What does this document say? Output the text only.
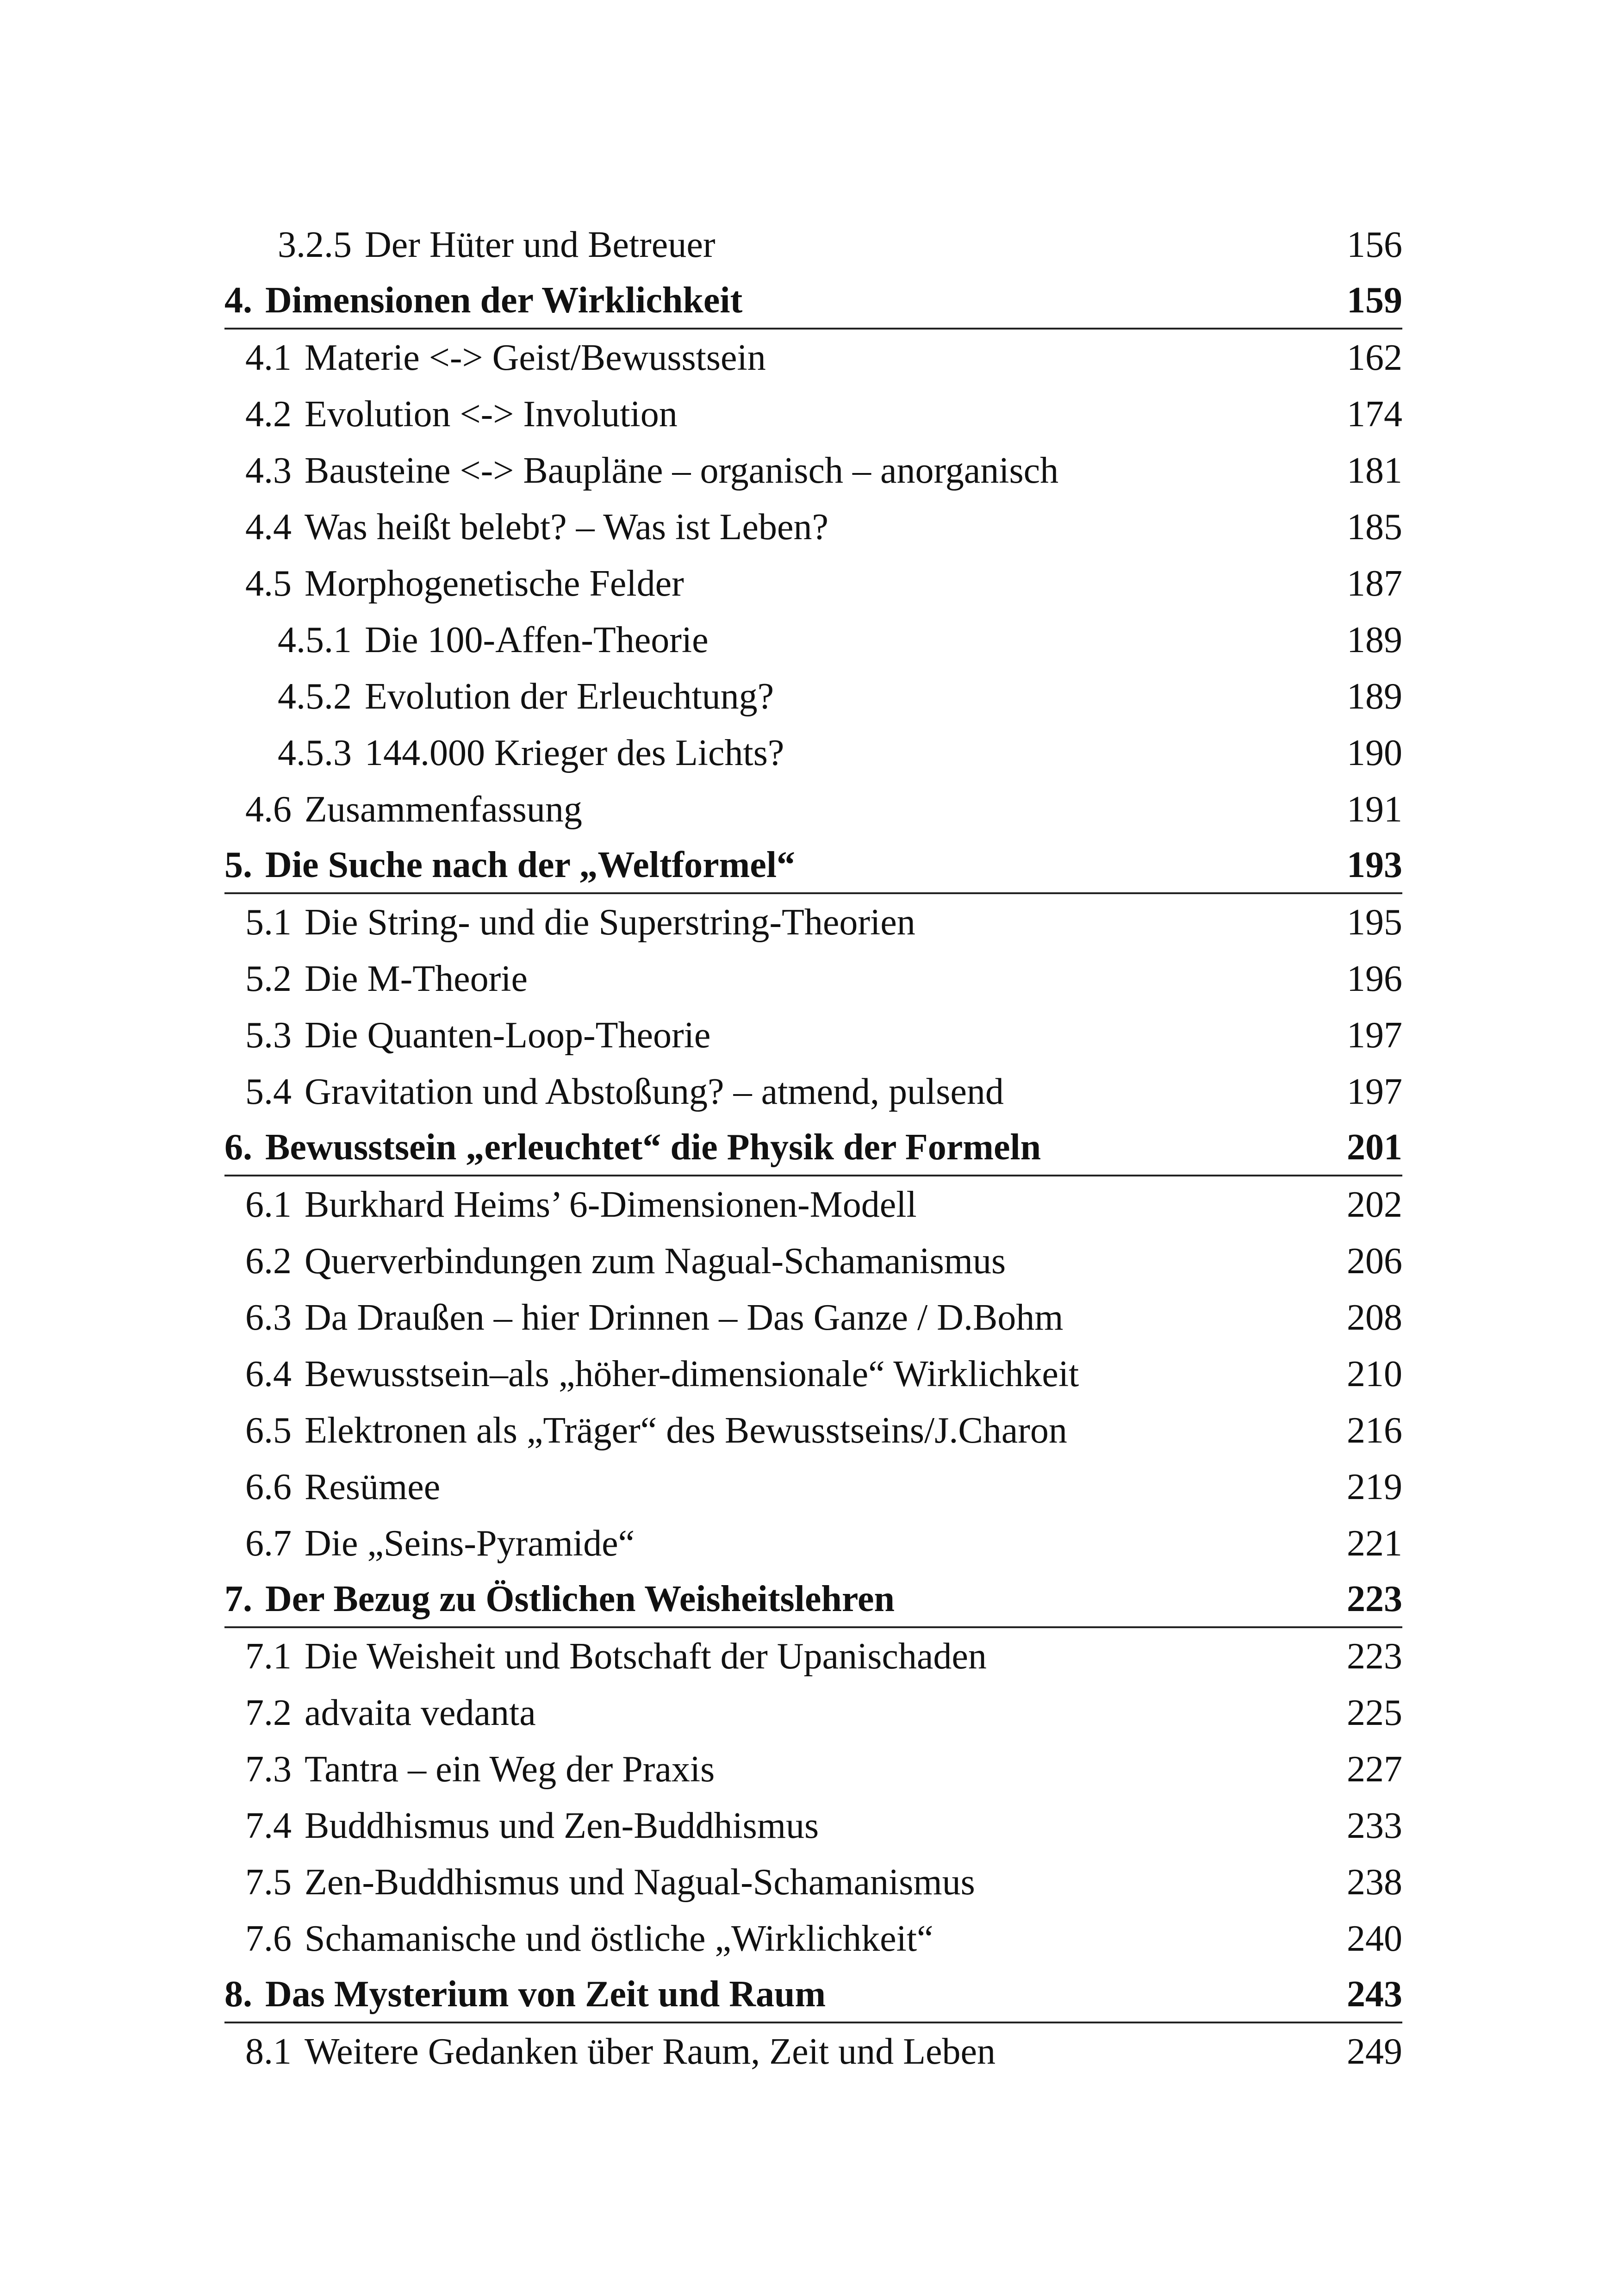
3.2.5 Der Hüter und Betreuer	156
4. Dimensionen der Wirklichkeit	159
4.1 Materie <-> Geist/Bewusstsein	162
4.2 Evolution <-> Involution	174
4.3 Bausteine <-> Baupläne – organisch – anorganisch	181
4.4 Was heißt belebt? – Was ist Leben?	185
4.5 Morphogenetische Felder	187
4.5.1 Die 100-Affen-Theorie	189
4.5.2 Evolution der Erleuchtung?	189
4.5.3 144.000 Krieger des Lichts?	190
4.6 Zusammenfassung	191
5. Die Suche nach der „Weltformel“	193
5.1 Die String- und die Superstring-Theorien	195
5.2 Die M-Theorie	196
5.3 Die Quanten-Loop-Theorie	197
5.4 Gravitation und Abstoßung? – atmend, pulsend	197
6. Bewusstsein „erleuchtet“ die Physik der Formeln	201
6.1 Burkhard Heims’ 6-Dimensionen-Modell	202
6.2 Querverbindungen zum Nagual-Schamanismus	206
6.3 Da Draußen – hier Drinnen – Das Ganze / D.Bohm	208
6.4 Bewusstsein–als „höher-dimensionale“ Wirklichkeit	210
6.5 Elektronen als „Träger“ des Bewusstseins/J.Charon	216
6.6 Resümee	219
6.7 Die „Seins-Pyramide“	221
7. Der Bezug zu Östlichen Weisheitslehren	223
7.1 Die Weisheit und Botschaft der Upanischaden	223
7.2 advaita vedanta	225
7.3 Tantra – ein Weg der Praxis	227
7.4 Buddhismus und Zen-Buddhismus	233
7.5 Zen-Buddhismus und Nagual-Schamanismus	238
7.6 Schamanische und östliche „Wirklichkeit“	240
8. Das Mysterium von Zeit und Raum	243
8.1 Weitere Gedanken über Raum, Zeit und Leben	249
